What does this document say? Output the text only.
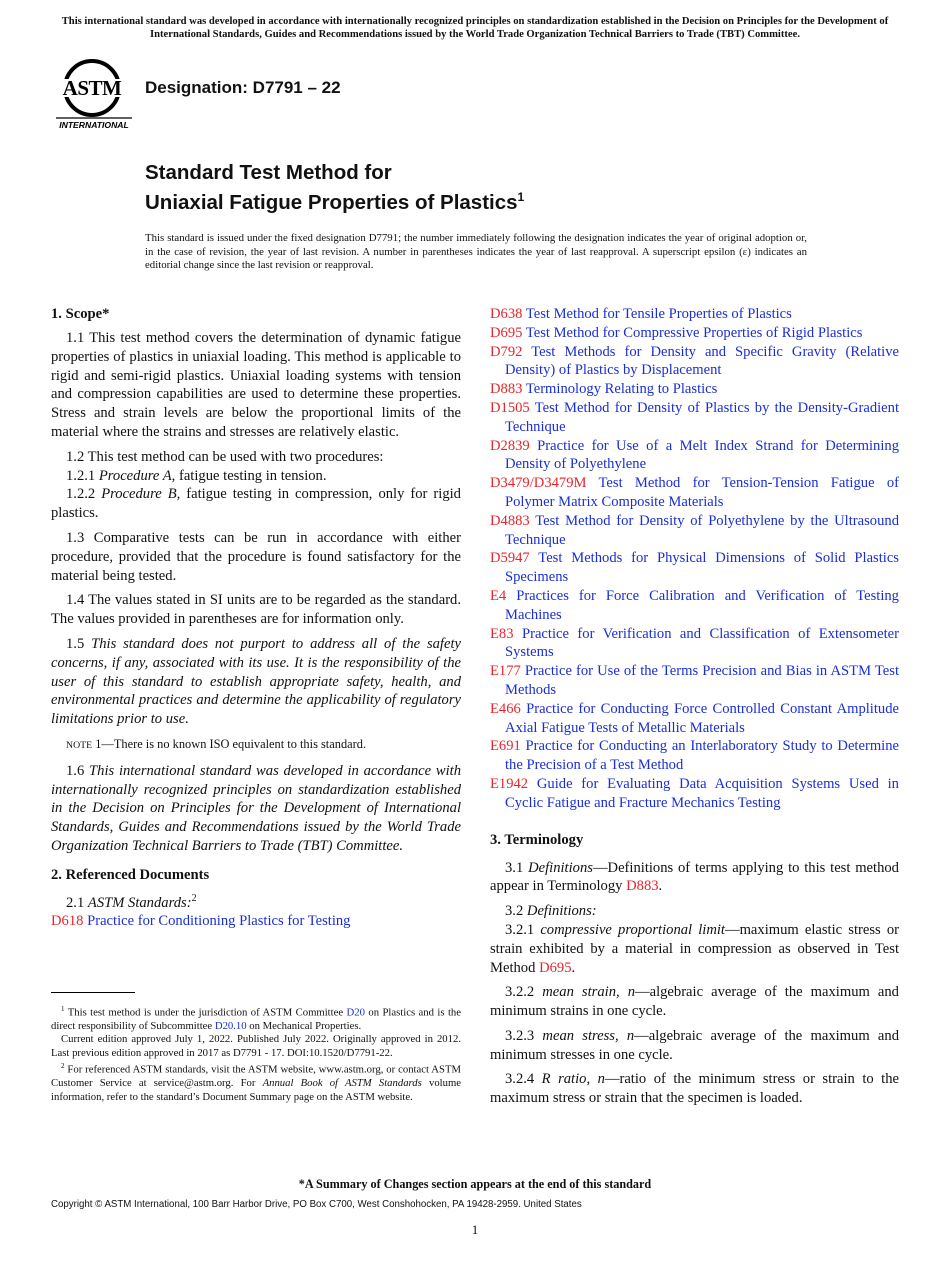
This international standard was developed in accordance with internationally recognized principles on standardization established in the Decision on Principles for the Development of International Standards, Guides and Recommendations issued by the World Trade Organization Technical Barriers to Trade (TBT) Committee.
ASTM
INTERNATIONAL
Designation: D7791 – 22
Standard Test Method for
Uniaxial Fatigue Properties of Plastics$^1$
This standard is issued under the fixed designation D7791; the number immediately following the designation indicates the year of original adoption or, in the case of revision, the year of last revision. A number in parentheses indicates the year of last reapproval. A superscript epsilon (ε) indicates an editorial change since the last revision or reapproval.
1. Scope*

1.1 This test method covers the determination of dynamic fatigue properties of plastics in uniaxial loading. This method is applicable to rigid and semi-rigid plastics. Uniaxial loading systems with tension and compression capabilities are used to determine these properties. Stress and strain levels are below the proportional limits of the material where the strains and stresses are relatively elastic.

1.2 This test method can be used with two procedures:

1.2.1 Procedure A, fatigue testing in tension.

1.2.2 Procedure B, fatigue testing in compression, only for rigid plastics.

1.3 Comparative tests can be run in accordance with either procedure, provided that the procedure is found satisfactory for the material being tested.

1.4 The values stated in SI units are to be regarded as the standard. The values provided in parentheses are for information only.

1.5 This standard does not purport to address all of the safety concerns, if any, associated with its use. It is the responsibility of the user of this standard to establish appropriate safety, health, and environmental practices and determine the applicability of regulatory limitations prior to use.

NOTE 1—There is no known ISO equivalent to this standard.

1.6 This international standard was developed in accordance with internationally recognized principles on standardization established in the Decision on Principles for the Development of International Standards, Guides and Recommendations issued by the World Trade Organization Technical Barriers to Trade (TBT) Committee.

2. Referenced Documents

2.1 ASTM Standards:$^2$

D618 Practice for Conditioning Plastics for Testing
D638 Test Method for Tensile Properties of Plastics
D695 Test Method for Compressive Properties of Rigid Plastics
D792 Test Methods for Density and Specific Gravity (Relative Density) of Plastics by Displacement
D883 Terminology Relating to Plastics
D1505 Test Method for Density of Plastics by the Density-Gradient Technique
D2839 Practice for Use of a Melt Index Strand for Determining Density of Polyethylene
D3479/D3479M Test Method for Tension-Tension Fatigue of Polymer Matrix Composite Materials
D4883 Test Method for Density of Polyethylene by the Ultrasound Technique
D5947 Test Methods for Physical Dimensions of Solid Plastics Specimens
E4 Practices for Force Calibration and Verification of Testing Machines
E83 Practice for Verification and Classification of Extensometer Systems
E177 Practice for Use of the Terms Precision and Bias in ASTM Test Methods
E466 Practice for Conducting Force Controlled Constant Amplitude Axial Fatigue Tests of Metallic Materials
E691 Practice for Conducting an Interlaboratory Study to Determine the Precision of a Test Method
E1942 Guide for Evaluating Data Acquisition Systems Used in Cyclic Fatigue and Fracture Mechanics Testing
3. Terminology

3.1 Definitions—Definitions of terms applying to this test method appear in Terminology D883.

3.2 Definitions:

3.2.1 compressive proportional limit—maximum elastic stress or strain exhibited by a material in compression as observed in Test Method D695.

3.2.2 mean strain, n—algebraic average of the maximum and minimum strains in one cycle.

3.2.3 mean stress, n—algebraic average of the maximum and minimum stresses in one cycle.

3.2.4 R ratio, n—ratio of the minimum stress or strain to the maximum stress or strain that the specimen is loaded.

$^1$ This test method is under the jurisdiction of ASTM Committee D20 on Plastics and is the direct responsibility of Subcommittee D20.10 on Mechanical Properties.

Current edition approved July 1, 2022. Published July 2022. Originally approved in 2012. Last previous edition approved in 2017 as D7791 - 17. DOI:10.1520/D7791-22.

$^2$ For referenced ASTM standards, visit the ASTM website, www.astm.org, or contact ASTM Customer Service at service@astm.org. For Annual Book of ASTM Standards volume information, refer to the standard’s Document Summary page on the ASTM website.

*A Summary of Changes section appears at the end of this standard
Copyright © ASTM International, 100 Barr Harbor Drive, PO Box C700, West Conshohocken, PA 19428-2959. United States
1
